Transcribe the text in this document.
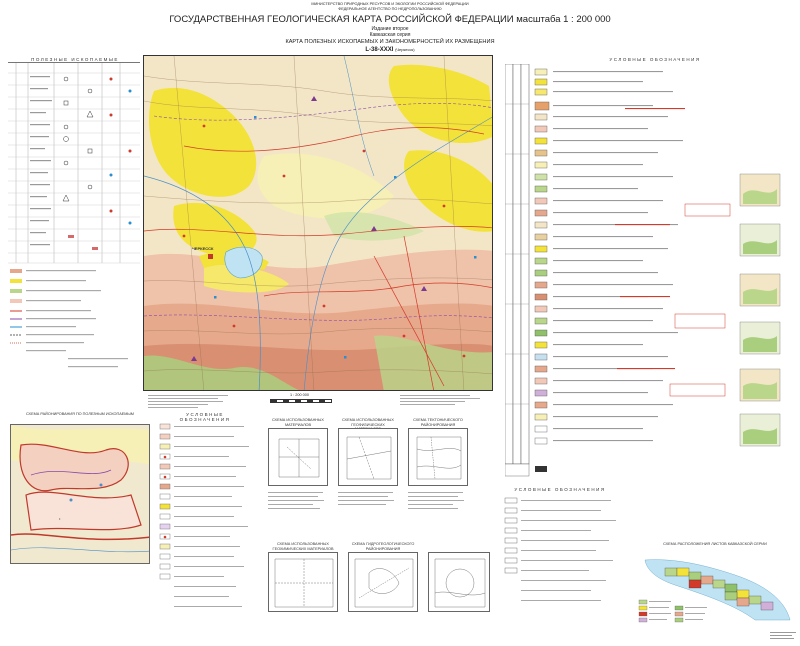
МИНИСТЕРСТВО ПРИРОДНЫХ РЕСУРСОВ И ЭКОЛОГИИ РОССИЙСКОЙ ФЕДЕРАЦИИ
ФЕДЕРАЛЬНОЕ АГЕНТСТВО ПО НЕДРОПОЛЬЗОВАНИЮ
ГОСУДАРСТВЕННАЯ ГЕОЛОГИЧЕСКАЯ КАРТА РОССИЙСКОЙ ФЕДЕРАЦИИ масштаба 1 : 200 000
Издание второе
Кавказская серия
КАРТА ПОЛЕЗНЫХ ИСКОПАЕМЫХ И ЗАКОНОМЕРНОСТЕЙ ИХ РАЗМЕЩЕНИЯ
L-38-XXXI (Черкесск)
ПОЛЕЗНЫЕ ИСКОПАЕМЫЕ
ЧЕРКЕССК
1 : 200 000
УСЛОВНЫЕ ОБОЗНАЧЕНИЯ
СХЕМА РАЙОНИРОВАНИЯ ПО ПОЛЕЗНЫМ ИСКОПАЕМЫМ
•
УСЛОВНЫЕ ОБОЗНАЧЕНИЯ	СХЕМА ИСПОЛЬЗОВАННЫХ МАТЕРИАЛОВ
СХЕМА ИСПОЛЬЗОВАННЫХ ГЕОФИЗИЧЕСКИХ
СХЕМА ТЕКТОНИЧЕСКОГО РАЙОНИРОВАНИЯ
СХЕМА ИСПОЛЬЗОВАННЫХ ГЕОХИМИЧЕСКИХ МАТЕРИАЛОВ
СХЕМА ГИДРОГЕОЛОГИЧЕСКОГО РАЙОНИРОВАНИЯ
УСЛОВНЫЕ ОБОЗНАЧЕНИЯ
СХЕМА РАСПОЛОЖЕНИЯ ЛИСТОВ КАВКАЗСКОЙ СЕРИИ
